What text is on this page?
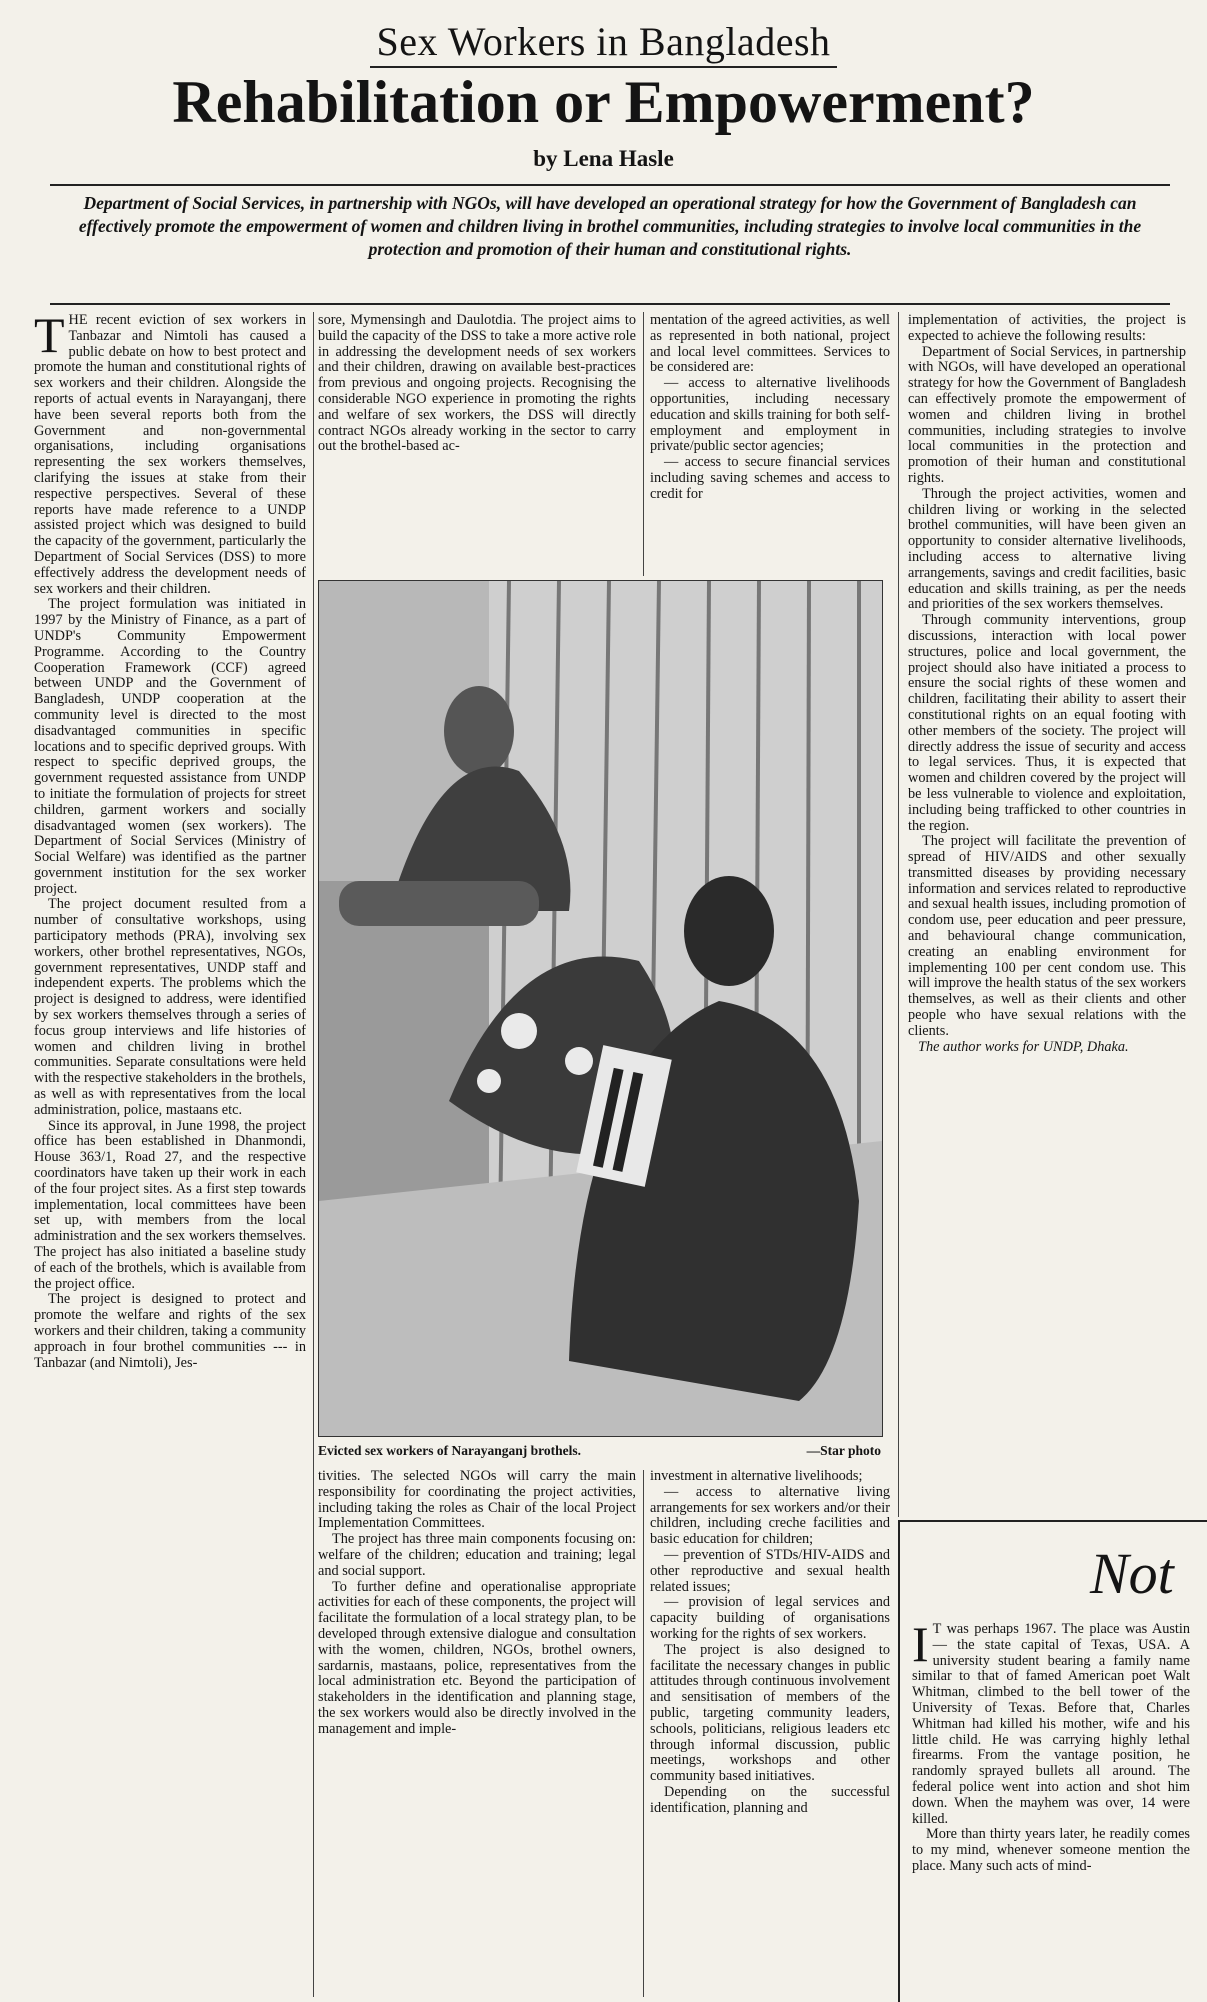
Sex Workers in Bangladesh
Rehabilitation or Empowerment?
by Lena Hasle
Department of Social Services, in partnership with NGOs, will have developed an operational strategy for how the Government of Bangladesh can effectively promote the empowerment of women and children living in brothel communities, including strategies to involve local communities in the protection and promotion of their human and constitutional rights.

THE recent eviction of sex workers in Tanbazar and Nimtoli has caused a public debate on how to best protect and promote the human and constitutional rights of sex workers and their children. Alongside the reports of actual events in Narayanganj, there have been several reports both from the Government and non-governmental organisations, including organisations representing the sex workers themselves, clarifying the issues at stake from their respective perspectives. Several of these reports have made reference to a UNDP assisted project which was designed to build the capacity of the government, particularly the Department of Social Services (DSS) to more effectively address the development needs of sex workers and their children.

The project formulation was initiated in 1997 by the Ministry of Finance, as a part of UNDP's Community Empowerment Programme. According to the Country Cooperation Framework (CCF) agreed between UNDP and the Government of Bangladesh, UNDP cooperation at the community level is directed to the most disadvantaged communities in specific locations and to specific deprived groups. With respect to specific deprived groups, the government requested assistance from UNDP to initiate the formulation of projects for street children, garment workers and socially disadvantaged women (sex workers). The Department of Social Services (Ministry of Social Welfare) was identified as the partner government institution for the sex worker project.

The project document resulted from a number of consultative workshops, using participatory methods (PRA), involving sex workers, other brothel representatives, NGOs, government representatives, UNDP staff and independent experts. The problems which the project is designed to address, were identified by sex workers themselves through a series of focus group interviews and life histories of women and children living in brothel communities. Separate consultations were held with the respective stakeholders in the brothels, as well as with representatives from the local administration, police, mastaans etc.

Since its approval, in June 1998, the project office has been established in Dhanmondi, House 363/1, Road 27, and the respective coordinators have taken up their work in each of the four project sites. As a first step towards implementation, local committees have been set up, with members from the local administration and the sex workers themselves. The project has also initiated a baseline study of each of the brothels, which is available from the project office.

The project is designed to protect and promote the welfare and rights of the sex workers and their children, taking a community approach in four brothel communities --- in Tanbazar (and Nimtoli), Jes-

sore, Mymensingh and Daulotdia. The project aims to build the capacity of the DSS to take a more active role in addressing the development needs of sex workers and their children, drawing on available best-practices from previous and ongoing projects. Recognising the considerable NGO experience in promoting the rights and welfare of sex workers, the DSS will directly contract NGOs already working in the sector to carry out the brothel-based ac-

mentation of the agreed activities, as well as represented in both national, project and local level committees. Services to be considered are:

— access to alternative livelihoods opportunities, including necessary education and skills training for both self-employment and employment in private/public sector agencies;

— access to secure financial services including saving schemes and access to credit for

Evicted sex workers of Narayanganj brothels.	—Star photo

tivities. The selected NGOs will carry the main responsibility for coordinating the project activities, including taking the roles as Chair of the local Project Implementation Committees.

The project has three main components focusing on: welfare of the children; education and training; legal and social support.

To further define and operationalise appropriate activities for each of these components, the project will facilitate the formulation of a local strategy plan, to be developed through extensive dialogue and consultation with the women, children, NGOs, brothel owners, sardarnis, mastaans, police, representatives from the local administration etc. Beyond the participation of stakeholders in the identification and planning stage, the sex workers would also be directly involved in the management and imple-

investment in alternative livelihoods;

— access to alternative living arrangements for sex workers and/or their children, including creche facilities and basic education for children;

— prevention of STDs/HIV-AIDS and other reproductive and sexual health related issues;

— provision of legal services and capacity building of organisations working for the rights of sex workers.

The project is also designed to facilitate the necessary changes in public attitudes through continuous involvement and sensitisation of members of the public, targeting community leaders, schools, politicians, religious leaders etc through informal discussion, public meetings, workshops and other community based initiatives.

Depending on the successful identification, planning and

implementation of activities, the project is expected to achieve the following results:

Department of Social Services, in partnership with NGOs, will have developed an operational strategy for how the Government of Bangladesh can effectively promote the empowerment of women and children living in brothel communities, including strategies to involve local communities in the protection and promotion of their human and constitutional rights.

Through the project activities, women and children living or working in the selected brothel communities, will have been given an opportunity to consider alternative livelihoods, including access to alternative living arrangements, savings and credit facilities, basic education and skills training, as per the needs and priorities of the sex workers themselves.

Through community interventions, group discussions, interaction with local power structures, police and local government, the project should also have initiated a process to ensure the social rights of these women and children, facilitating their ability to assert their constitutional rights on an equal footing with other members of the society. The project will directly address the issue of security and access to legal services. Thus, it is expected that women and children covered by the project will be less vulnerable to violence and exploitation, including being trafficked to other countries in the region.

The project will facilitate the prevention of spread of HIV/AIDS and other sexually transmitted diseases by providing necessary information and services related to reproductive and sexual health issues, including promotion of condom use, peer education and peer pressure, and behavioural change communication, creating an enabling environment for implementing 100 per cent condom use. This will improve the health status of the sex workers themselves, as well as their clients and other people who have sexual relations with the clients.

The author works for UNDP, Dhaka.

Not

I T was perhaps 1967. The place was Austin — the state capital of Texas, USA. A university student bearing a family name similar to that of famed American poet Walt Whitman, climbed to the bell tower of the University of Texas. Before that, Charles Whitman had killed his mother, wife and his little child. He was carrying highly lethal firearms. From the vantage position, he randomly sprayed bullets all around. The federal police went into action and shot him down. When the mayhem was over, 14 were killed.

More than thirty years later, he readily comes to my mind, whenever someone mention the place. Many such acts of mind-
